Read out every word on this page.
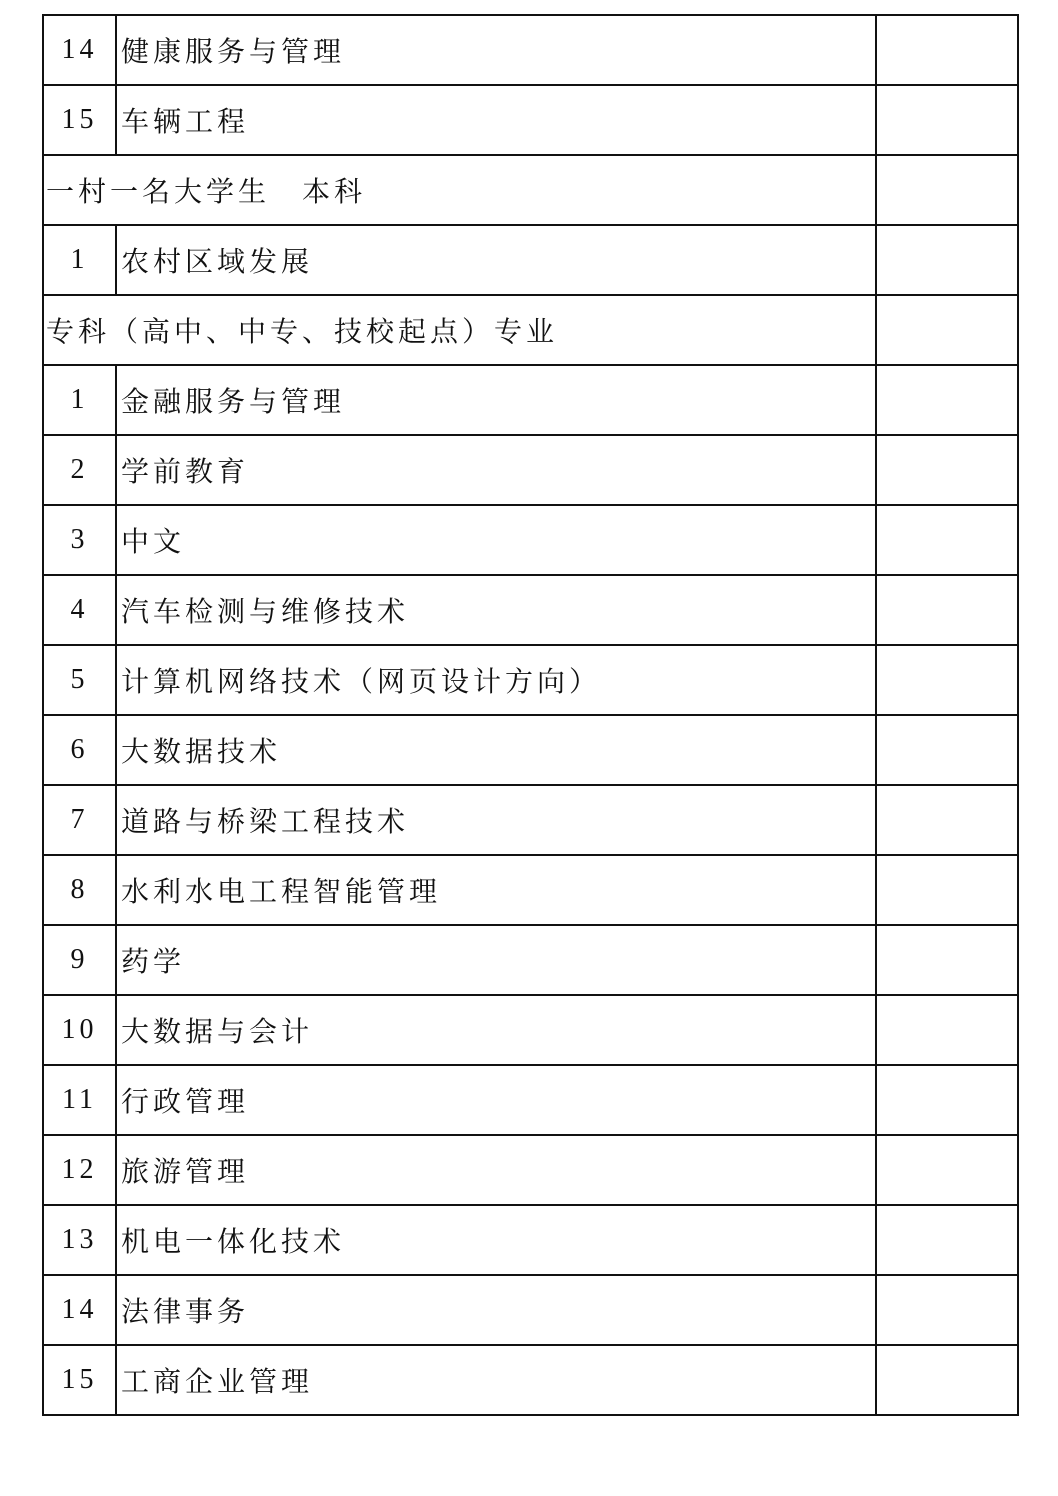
14	健康服务与管理	
15	车辆工程	
一村一名大学生　本科		
1	农村区域发展	
专科（高中、中专、技校起点）专业		
1	金融服务与管理	
2	学前教育	
3	中文	
4	汽车检测与维修技术	
5	计算机网络技术（网页设计方向）	
6	大数据技术	
7	道路与桥梁工程技术	
8	水利水电工程智能管理	
9	药学	
10	大数据与会计	
11	行政管理	
12	旅游管理	
13	机电一体化技术	
14	法律事务	
15	工商企业管理	
